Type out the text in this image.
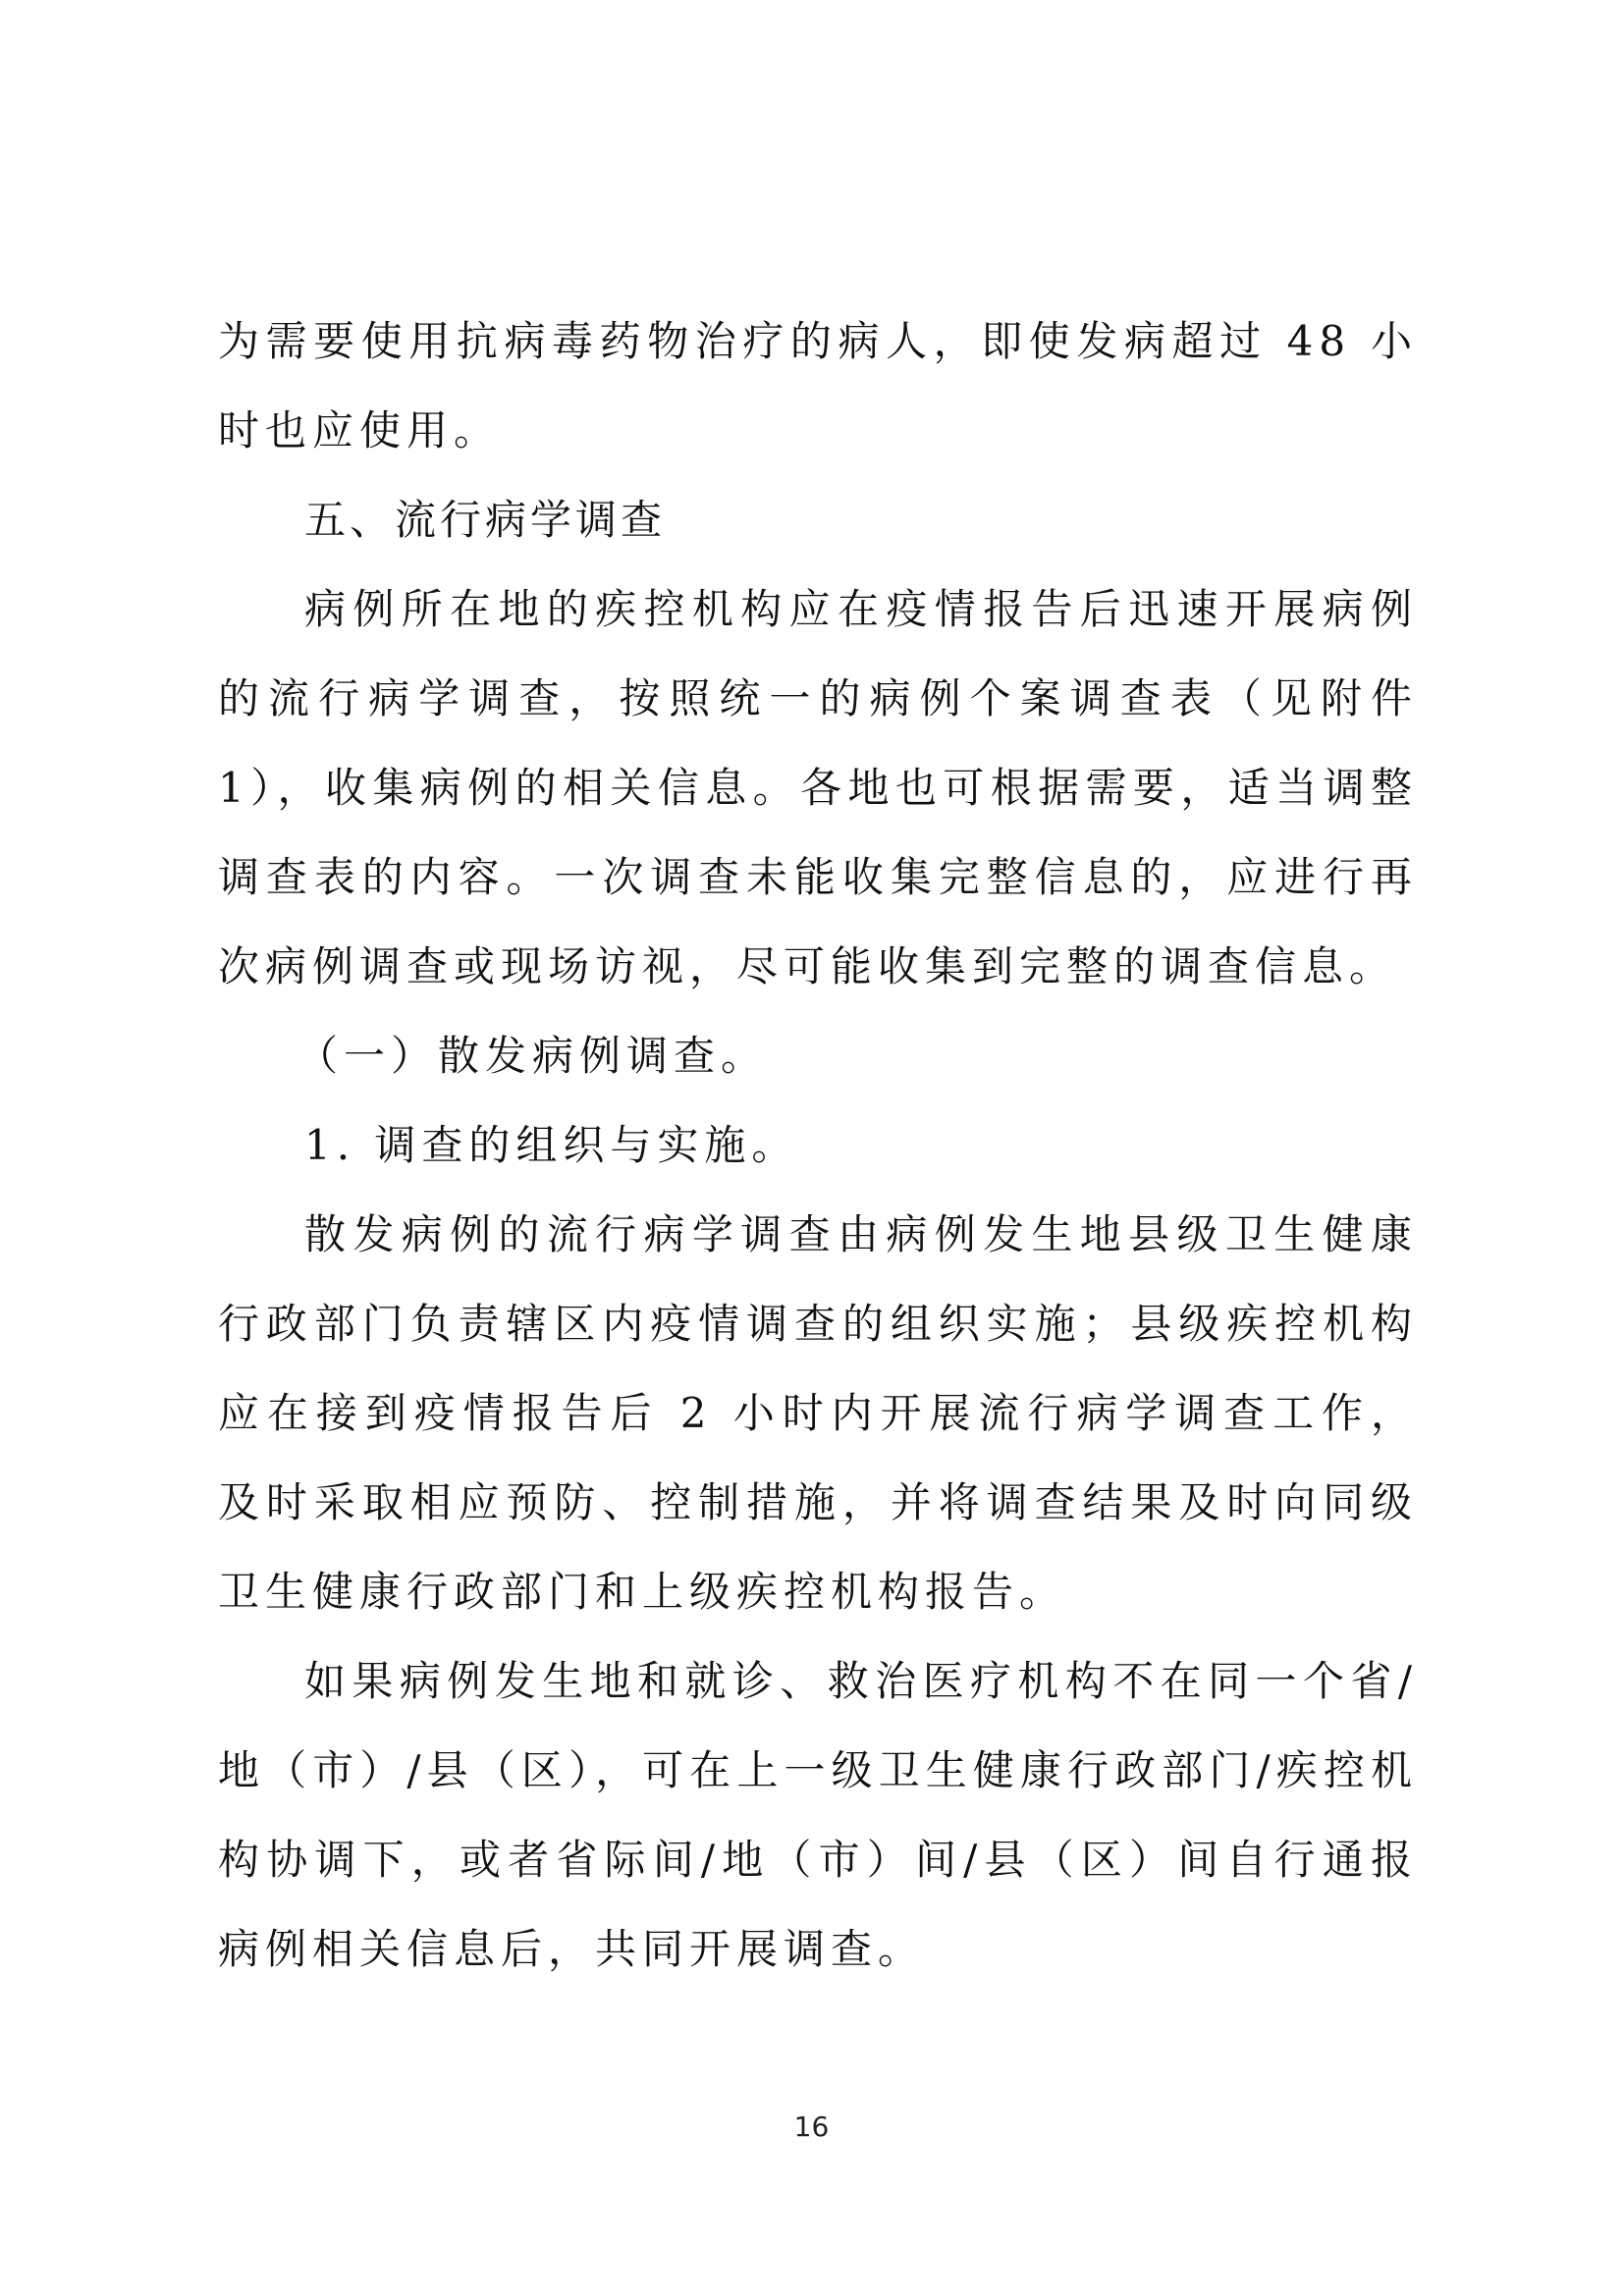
为需要使用抗病毒药物治疗的病人，即使发病超过 48 小时也应使用。

五、流行病学调查

病例所在地的疾控机构应在疫情报告后迅速开展病例的流行病学调查，按照统一的病例个案调查表（见附件 1），收集病例的相关信息。各地也可根据需要，适当调整调查表的内容。一次调查未能收集完整信息的，应进行再次病例调查或现场访视，尽可能收集到完整的调查信息。

（一）散发病例调查。

1. 调查的组织与实施。

散发病例的流行病学调查由病例发生地县级卫生健康行政部门负责辖区内疫情调查的组织实施；县级疾控机构应在接到疫情报告后 2 小时内开展流行病学调查工作，及时采取相应预防、控制措施，并将调查结果及时向同级卫生健康行政部门和上级疾控机构报告。

如果病例发生地和就诊、救治医疗机构不在同一个省/地（市）/县（区），可在上一级卫生健康行政部门/疾控机构协调下，或者省际间/地（市）间/县（区）间自行通报病例相关信息后，共同开展调查。

16
